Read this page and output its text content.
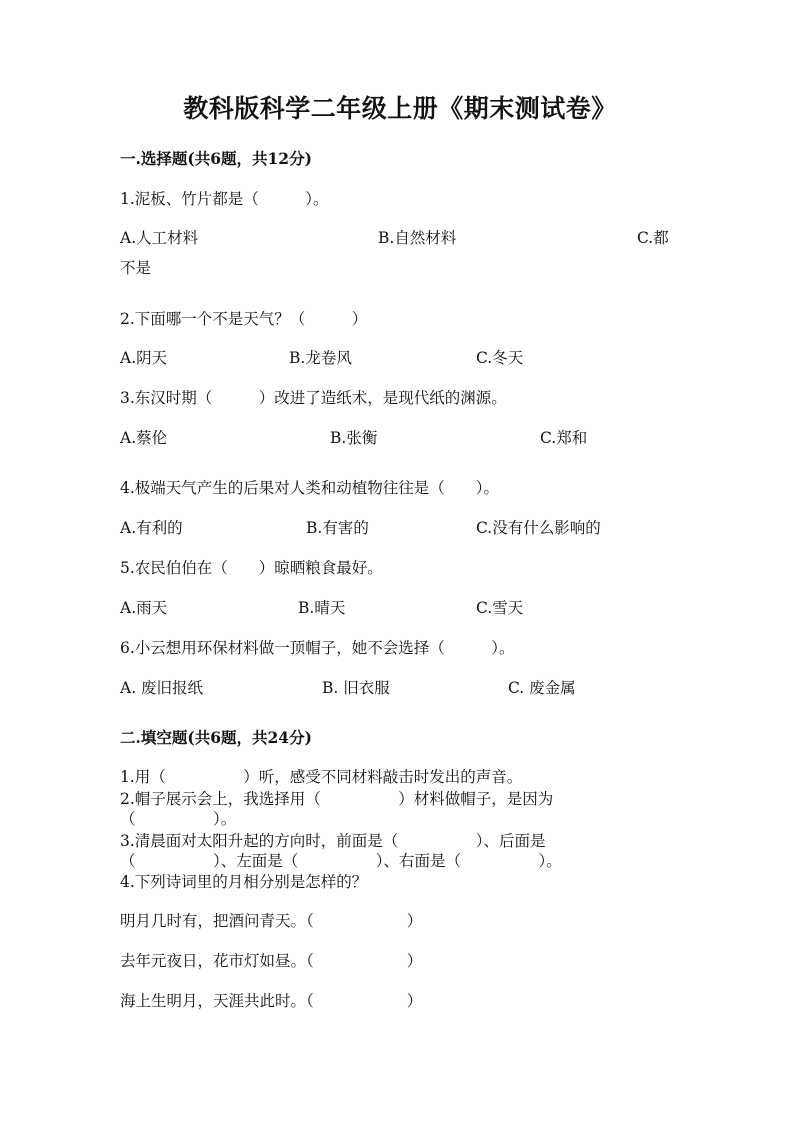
教科版科学二年级上册《期末测试卷》
一.选择题(共6题，共12分)
1.泥板、竹片都是（　　　）。
A.人工材料	B.自然材料	C.都
不是
2.下面哪一个不是天气？（　　　）
A.阴天	B.龙卷风	C.冬天
3.东汉时期（　　　）改进了造纸术，是现代纸的渊源。
A.蔡伦	B.张衡	C.郑和
4.极端天气产生的后果对人类和动植物往往是（　　）。
A.有利的	B.有害的	C.没有什么影响的
5.农民伯伯在（　　）晾晒粮食最好。
A.雨天	B.晴天	C.雪天
6.小云想用环保材料做一顶帽子，她不会选择（　　　）。
A. 废旧报纸	B. 旧衣服	C. 废金属
二.填空题(共6题，共24分)
1.用（　　　　　）听，感受不同材料敲击时发出的声音。
2.帽子展示会上，我选择用（　　　　　）材料做帽子，是因为
（　　　　　）。
3.清晨面对太阳升起的方向时，前面是（　　　　　）、后面是
（　　　　　）、左面是（　　　　　）、右面是（　　　　　）。
4.下列诗词里的月相分别是怎样的？
明月几时有，把酒问青天。（　　　　　　）
去年元夜日，花市灯如昼。（　　　　　　）
海上生明月，天涯共此时。（　　　　　　）
